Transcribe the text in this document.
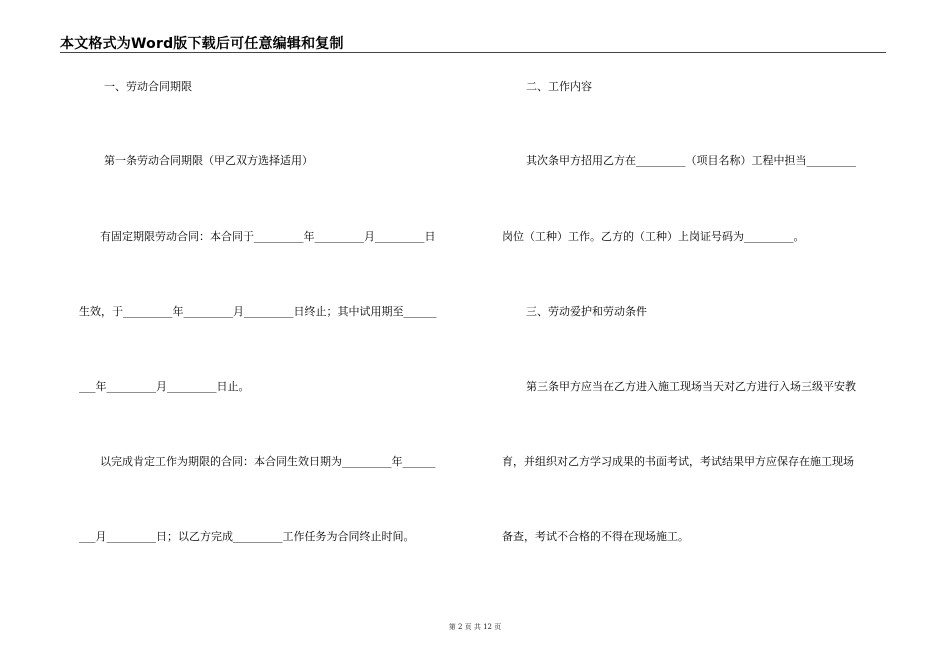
本文格式为Word版下载后可任意编辑和复制
一、劳动合同期限
第一条劳动合同期限（甲乙双方选择适用）
有固定期限劳动合同：本合同于_________年_________月_________日
生效，于_________年_________月_________日终止；其中试用期至______
___年_________月_________日止。
以完成肯定工作为期限的合同：本合同生效日期为_________年______
___月_________日；以乙方完成_________工作任务为合同终止时间。
二、工作内容
其次条甲方招用乙方在_________（项目名称）工程中担当_________
岗位（工种）工作。乙方的（工种）上岗证号码为_________。
三、劳动爱护和劳动条件
第三条甲方应当在乙方进入施工现场当天对乙方进行入场三级平安教
育，并组织对乙方学习成果的书面考试，考试结果甲方应保存在施工现场
备查，考试不合格的不得在现场施工。
第 2 页 共 12 页
